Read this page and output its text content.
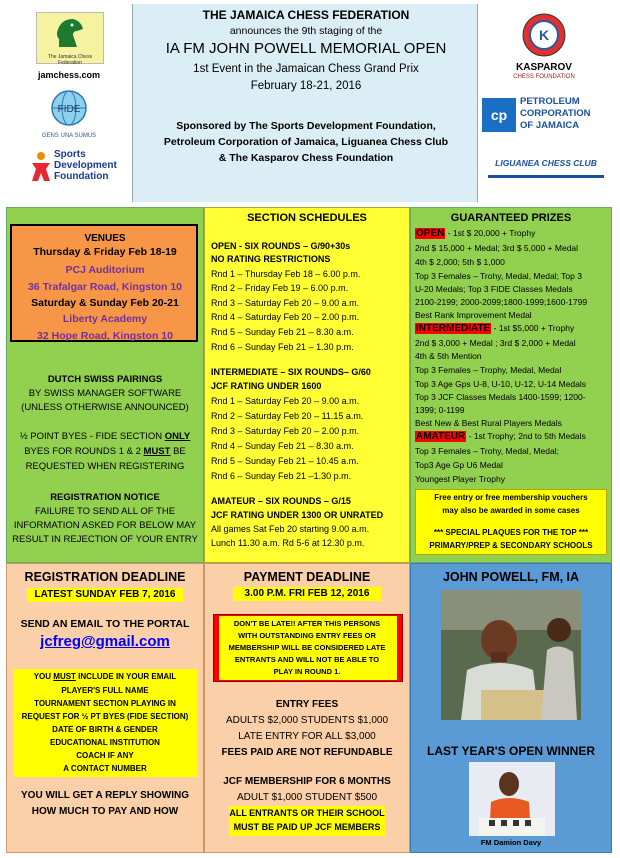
The Jamaica Chess Federation
jamchess.com
FIDE
GENS UNA SUMUS
Sports
Development
Foundation
THE JAMAICA CHESS FEDERATION
announces the 9th staging of the
IA FM JOHN POWELL MEMORIAL OPEN
1st Event in the Jamaican Chess Grand Prix
February 18-21, 2016
Sponsored by The Sports Development Foundation,
Petroleum Corporation of Jamaica, Liguanea Chess Club
& The Kasparov Chess Foundation
K
KASPAROV
CHESS FOUNDATION
cp
PETROLEUM
CORPORATION
OF JAMAICA
LIGUANEA CHESS CLUB
VENUES
Thursday & Friday Feb 18-19
PCJ Auditorium
36 Trafalgar Road, Kingston 10
Saturday & Sunday Feb 20-21
Liberty Academy
32 Hope Road, Kingston 10
DUTCH SWISS PAIRINGS
BY SWISS MANAGER SOFTWARE
(UNLESS OTHERWISE ANNOUNCED)
½ POINT BYES - FIDE SECTION ONLY
BYES FOR ROUNDS 1 & 2 MUST BE
REQUESTED WHEN REGISTERING
REGISTRATION NOTICE
FAILURE TO SEND ALL OF THE
INFORMATION ASKED FOR BELOW MAY
RESULT IN REJECTION OF YOUR ENTRY
SECTION SCHEDULES
OPEN - SIX ROUNDS – G/90+30s
NO RATING RESTRICTIONS
Rnd 1 – Thursday Feb 18 – 6.00 p.m.
Rnd 2 – Friday Feb 19 – 6.00 p.m.
Rnd 3 – Saturday Feb 20 – 9.00 a.m.
Rnd 4 – Saturday Feb 20 – 2.00 p.m.
Rnd 5 – Sunday Feb 21 – 8.30 a.m.
Rnd 6 – Sunday Feb 21 – 1.30 p.m.
INTERMEDIATE – SIX ROUNDS– G/60
JCF RATING UNDER 1600
Rnd 1 – Saturday Feb 20 – 9.00 a.m.
Rnd 2 – Saturday Feb 20 – 11.15 a.m.
Rnd 3 – Saturday Feb 20 – 2.00 p.m.
Rnd 4 – Sunday Feb 21 – 8.30 a.m.
Rnd 5 – Sunday Feb 21 – 10.45 a.m.
Rnd 6 – Sunday Feb 21 –1.30 p.m.
AMATEUR – SIX ROUNDS – G/15
JCF RATING UNDER 1300 OR UNRATED
All games Sat Feb 20 starting 9.00 a.m.
Lunch 11.30 a.m. Rd 5-6 at 12.30 p.m.
GUARANTEED PRIZES
OPEN - 1st $ 20,000 + Trophy
2nd $ 15,000 + Medal; 3rd $ 5,000 + Medal
4th $ 2,000; 5th $ 1,000
Top 3 Females – Trohy, Medal, Medal; Top 3
U-20 Medals; Top 3 FIDE Classes Medals
2100-2199; 2000-2099;1800-1999;1600-1799
Best Rank Improvement Medal
INTERMEDIATE - 1st $5,000 + Trophy
2nd $ 3,000 + Medal ; 3rd $ 2,000 + Medal
4th & 5th Mention
Top 3 Females – Trophy, Medal, Medal
Top 3 Age Gps U-8, U-10, U-12, U-14 Medals
Top 3 JCF Classes Medals 1400-1599; 1200-
1399; 0-1199
Best New & Best Rural Players Medals
AMATEUR - 1st Trophy; 2nd to 5th Medals
Top 3 Females – Trohy, Medal, Medal;
Top3 Age Gp U6 Medal
Youngest Player Trophy
Free entry or free membership vouchers
may also be awarded in some cases
*** SPECIAL PLAQUES FOR THE TOP ***
PRIMARY/PREP & SECONDARY SCHOOLS
REGISTRATION DEADLINE
LATEST SUNDAY FEB 7, 2016
SEND AN EMAIL TO THE PORTAL
jcfreg@gmail.com
YOU MUST INCLUDE IN YOUR EMAIL
PLAYER'S FULL NAME
TOURNAMENT SECTION PLAYING IN
REQUEST FOR ½ PT BYES (FIDE SECTION)
DATE OF BIRTH & GENDER
EDUCATIONAL INSTITUTION
COACH IF ANY
A CONTACT NUMBER
YOU WILL GET A REPLY SHOWING
HOW MUCH TO PAY AND HOW
PAYMENT DEADLINE
3.00 P.M. FRI FEB 12, 2016
DON'T BE LATE!! AFTER THIS PERSONS
WITH OUTSTANDING ENTRY FEES OR
MEMBERSHIP WILL BE CONSIDERED LATE
ENTRANTS AND WILL NOT BE ABLE TO
PLAY IN ROUND 1.
ENTRY FEES
ADULTS $2,000 STUDENTS $1,000
LATE ENTRY FOR ALL $3,000
FEES PAID ARE NOT REFUNDABLE
JCF MEMBERSHIP FOR 6 MONTHS
ADULT $1,000 STUDENT $500
ALL ENTRANTS OR THEIR SCHOOL
MUST BE PAID UP JCF MEMBERS
JOHN POWELL, FM, IA
LAST YEAR'S OPEN WINNER
FM Damion Davy
